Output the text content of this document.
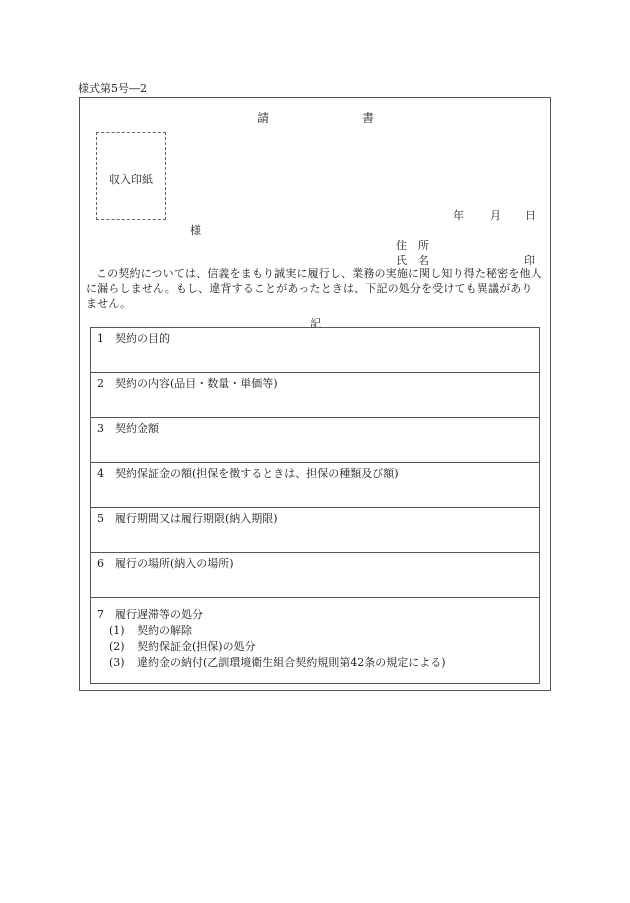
様式第5号―2
請	書
収入印紙
年 月 日
様
住　所
氏　名	印
この契約については、信義をまもり誠実に履行し、業務の実施に関し知り得た秘密を他人に漏らしません。もし、違背することがあったときは、下記の処分を受けても異議がありません。
記
1　契約の目的
2　契約の内容(品目・数量・単価等)
3　契約金額
4　契約保証金の額(担保を徴するときは、担保の種類及び額)
5　履行期間又は履行期限(納入期限)
6　履行の場所(納入の場所)
7　履行遅滞等の処分
(1) 契約の解除
(2) 契約保証金(担保)の処分
(3) 違約金の納付(乙訓環境衛生組合契約規則第42条の規定による)
